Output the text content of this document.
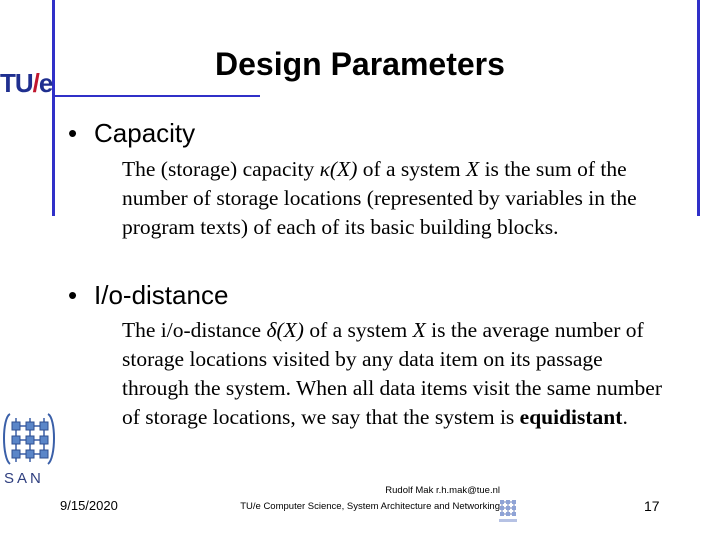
TU/e
Design Parameters
• Capacity
The (storage) capacity κ(X) of a system X is the sum of the number of storage locations (represented by variables in the program texts) of each of its basic building blocks.
• I/o-distance
The i/o-distance δ(X) of a system X is the average number of storage locations visited by any data item on its passage through the system. When all data items visit the same number of storage locations, we say that the system is equidistant.
SAN
9/15/2020
Rudolf Mak r.h.mak@tue.nl
TU/e Computer Science, System Architecture and Networking	17
